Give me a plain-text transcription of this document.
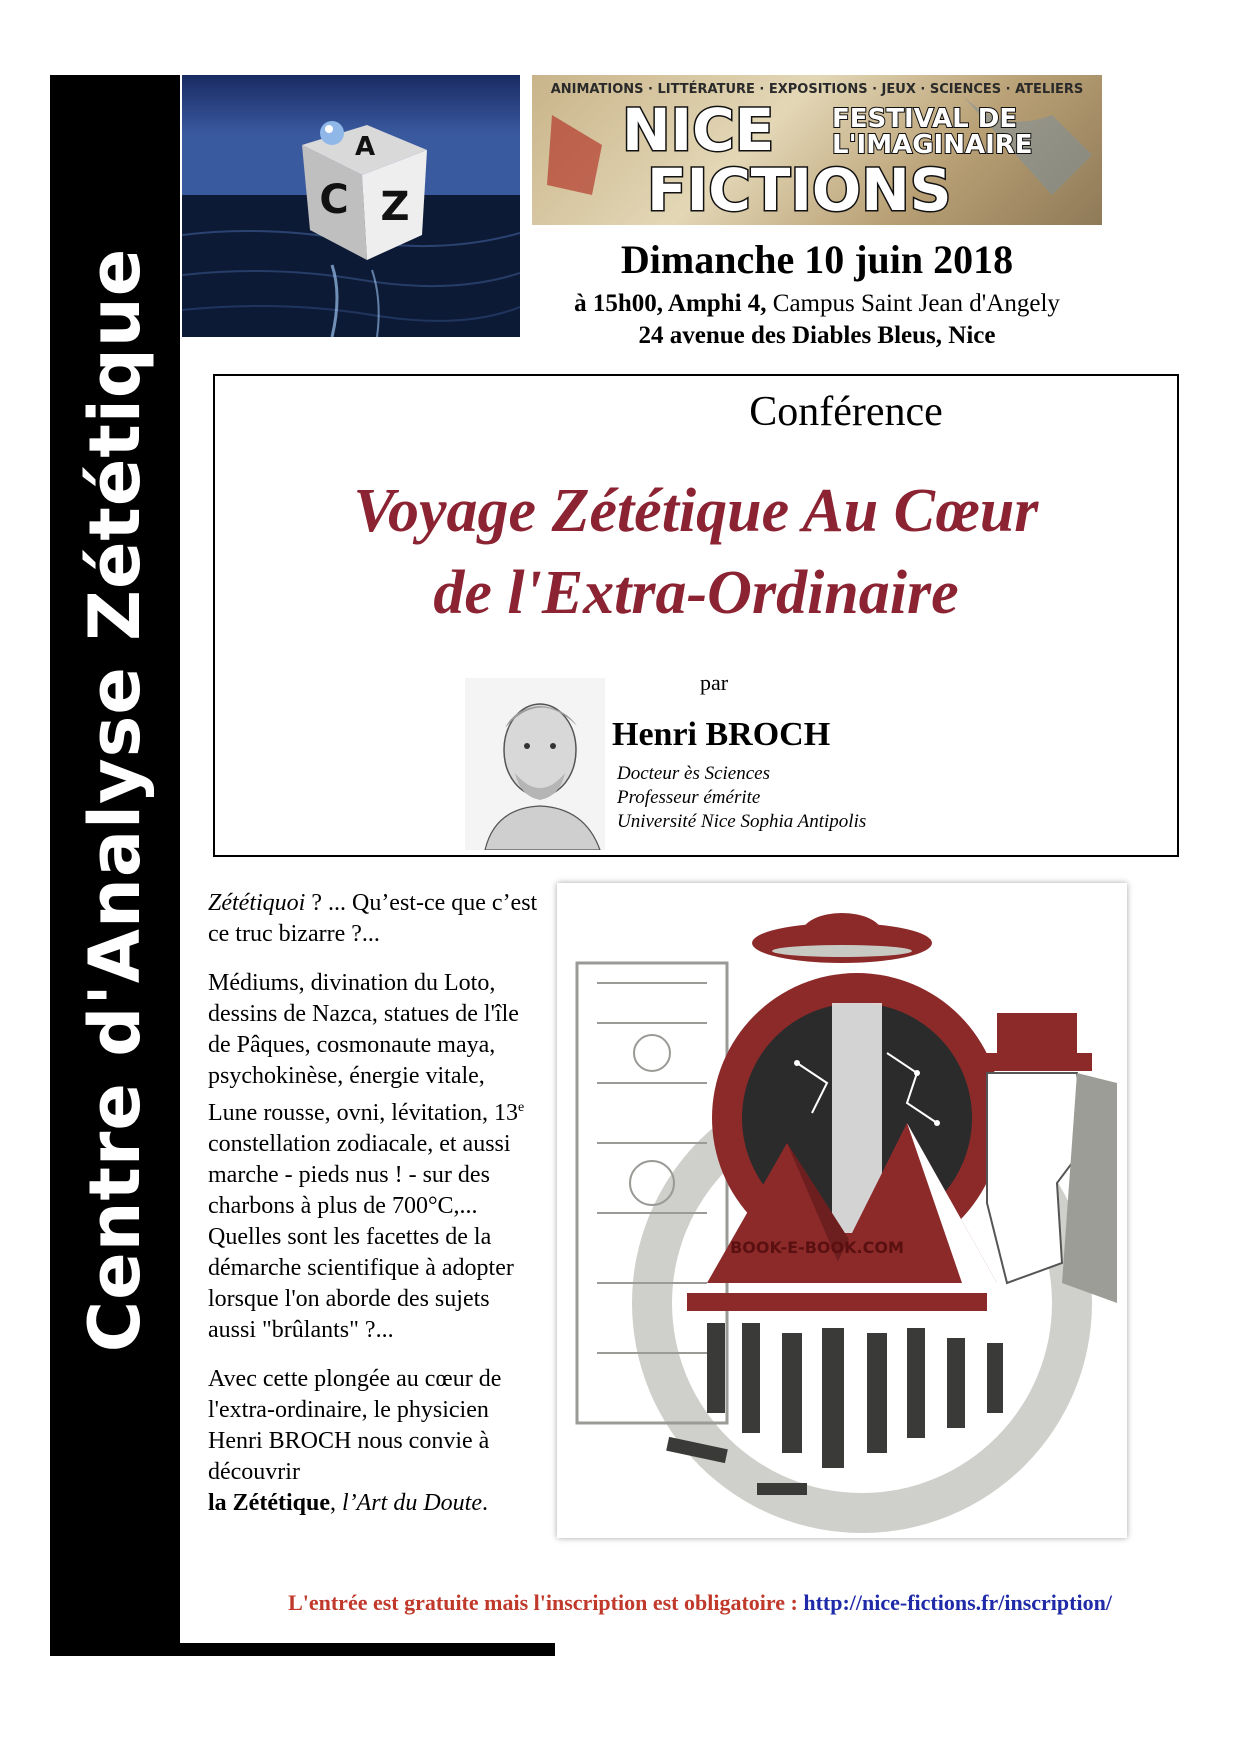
Centre d'Analyse Zététique
A
C Z
ANIMATIONS · LITTÉRATURE · EXPOSITIONS · JEUX · SCIENCES · ATELIERS
NICE FESTIVAL DE
L'IMAGINAIRE
FICTIONS
Dimanche 10 juin 2018
à 15h00, Amphi 4, Campus Saint Jean d'Angely
24 avenue des Diables Bleus, Nice
Conférence
Voyage Zététique Au Cœur
de l'Extra-Ordinaire
par
Henri BROCH
Docteur ès Sciences
Professeur émérite
Université Nice Sophia Antipolis

Zététiquoi ? ... Qu’est-ce que c’est ce truc bizarre ?...

Médiums, divination du Loto, dessins de Nazca, statues de l'île de Pâques, cosmonaute maya, psychokinèse, énergie vitale, Lune rousse, ovni, lévitation, 13e constellation zodiacale, et aussi marche - pieds nus ! - sur des charbons à plus de 700°C,...

Quelles sont les facettes de la démarche scientifique à adopter lorsque l'on aborde des sujets aussi "brûlants" ?...

Avec cette plongée au cœur de l'extra-ordinaire, le physicien Henri BROCH nous convie à découvrir
la Zététique, l’Art du Doute.

BOOK-E-BOOK.COM
L'entrée est gratuite mais l'inscription est obligatoire : http://nice-fictions.fr/inscription/
